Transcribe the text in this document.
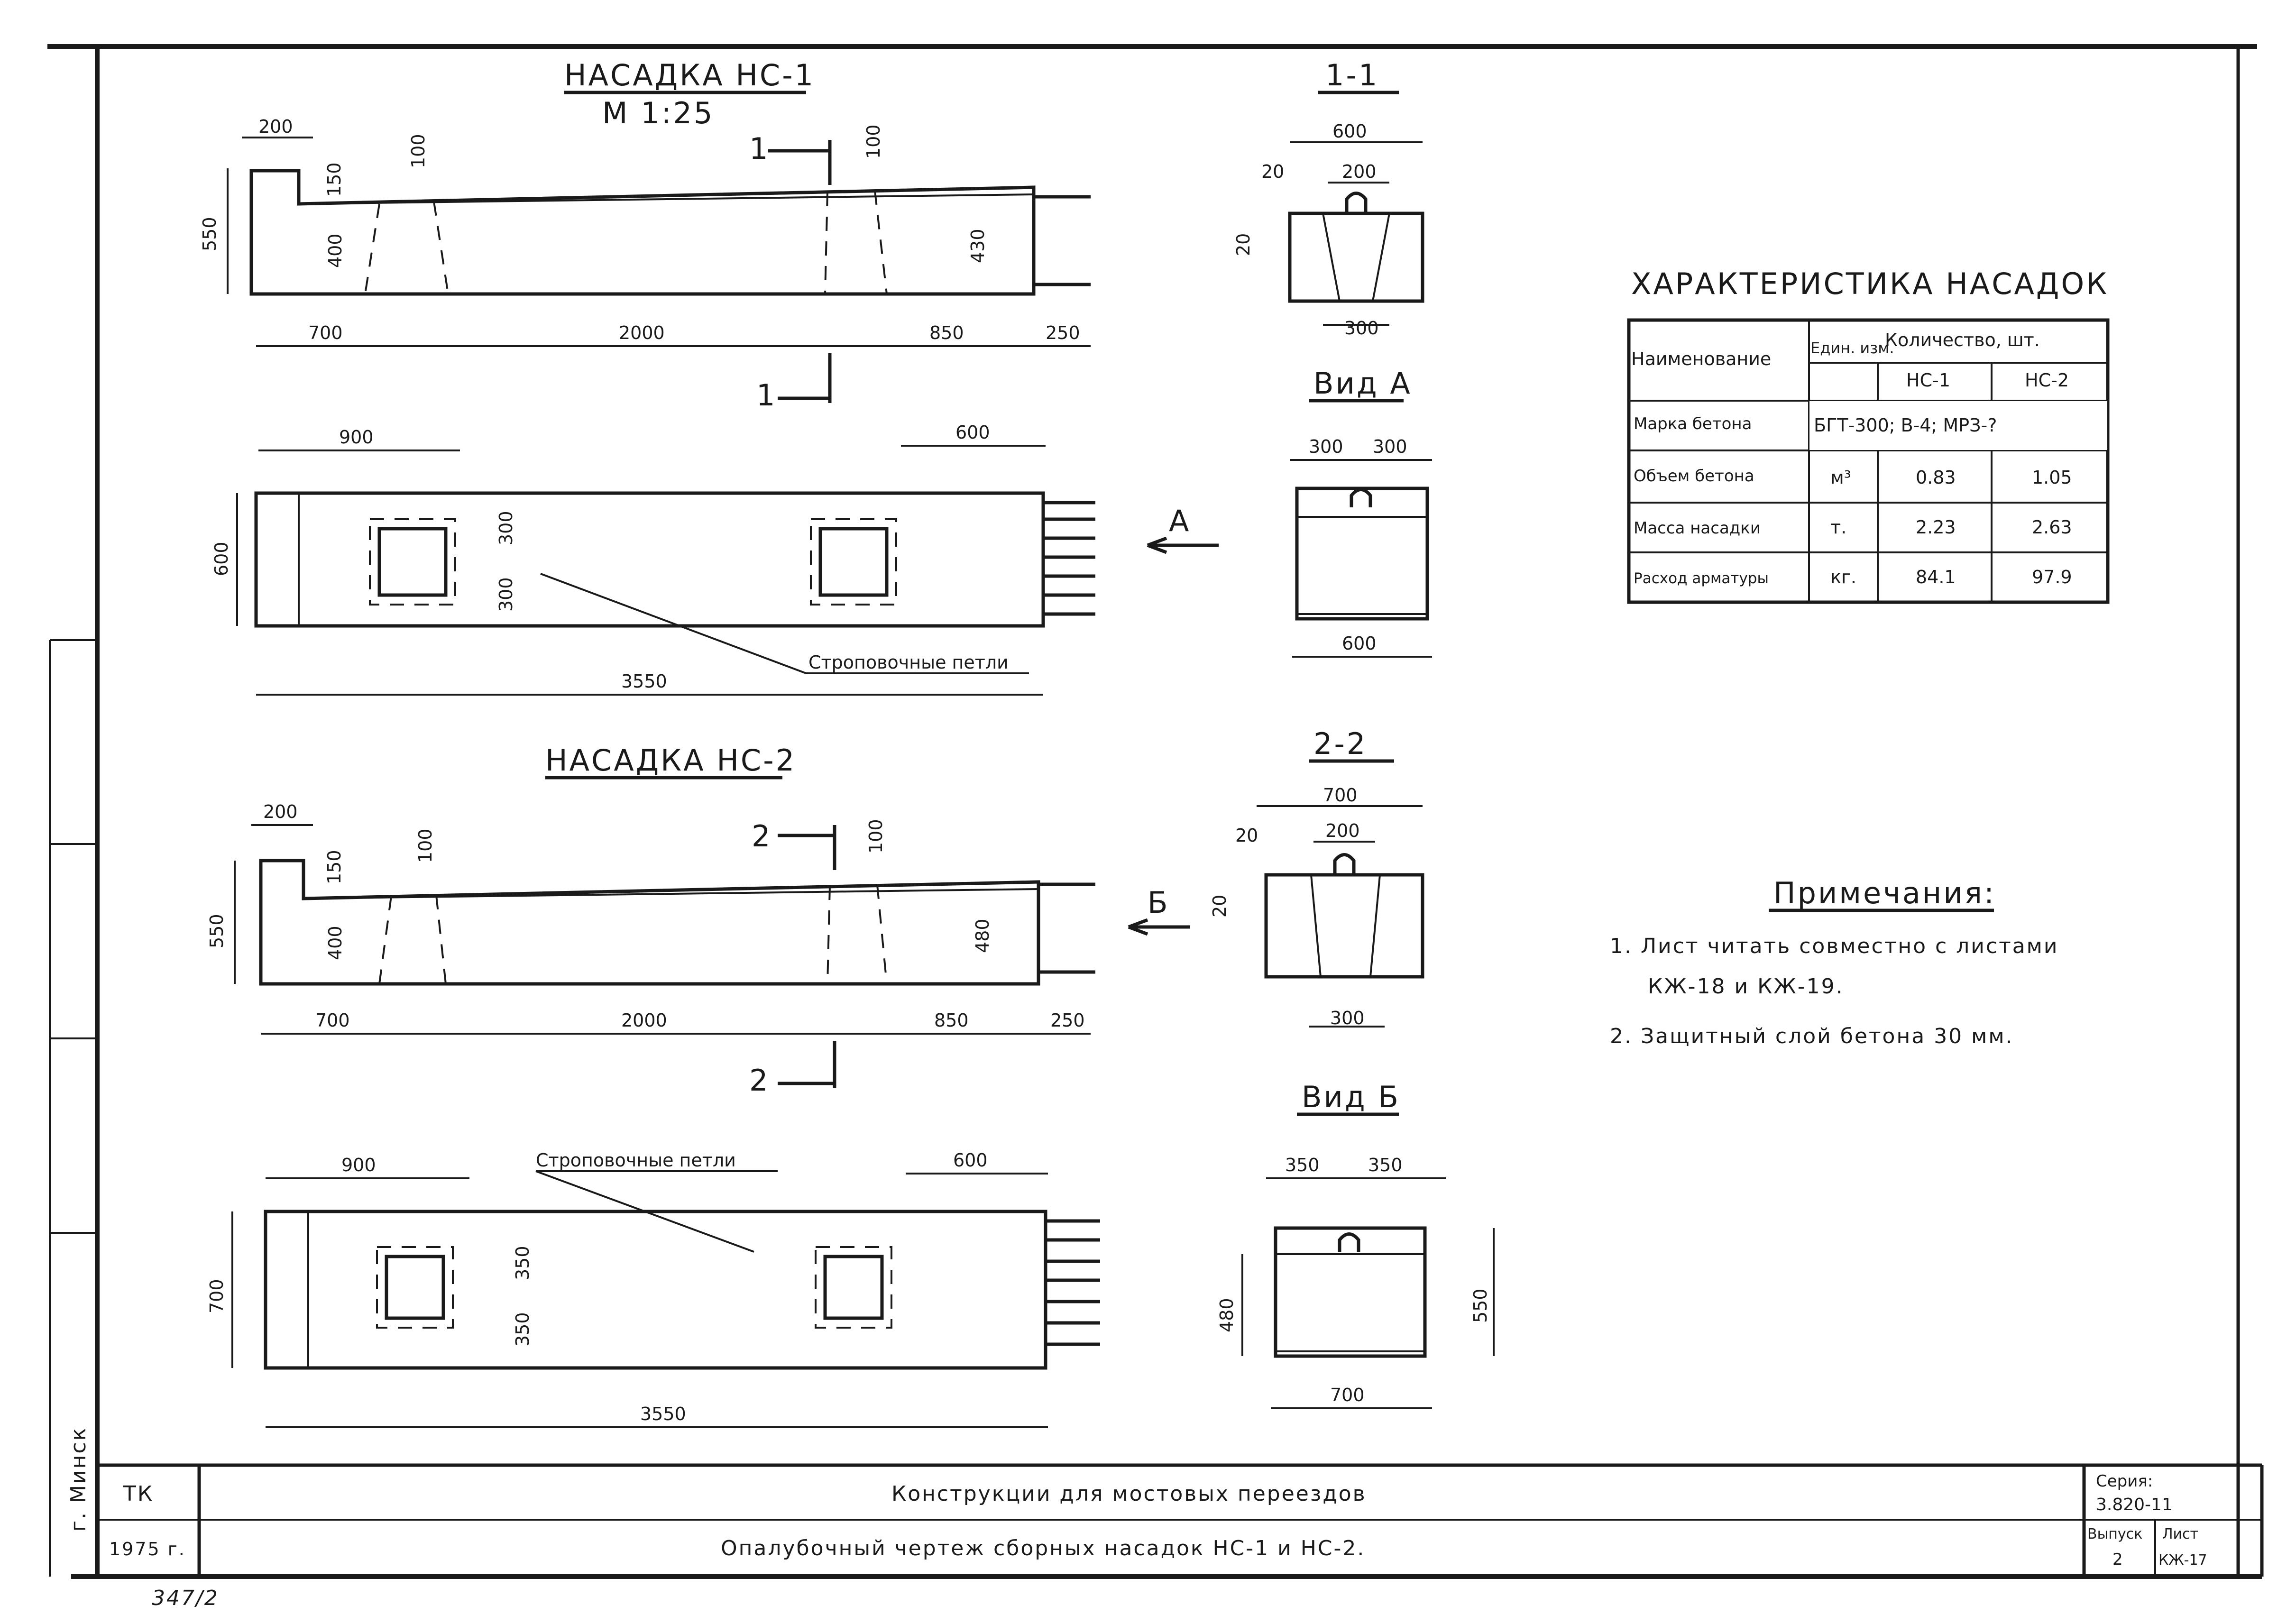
г. Минск
НАСАДКА НС-1
М 1:25
200
100	100
150
550	400	430
700	2000	850	250
1
1
900	600
600
300
300
3550
Строповочные петли
А
НАСАДКА НС-2
200
100	100
150
550	400	480
700	2000	850	250
2
2
900	600
Строповочные петли
700
350
350
3550
Б
1-1
600
200
20
20
300
Вид А
300 300
600
2-2
700
200
20
20
300
Вид Б
350	350
480	550
700
ХАРАКТЕРИСТИКА НАСАДОК
Наименование
Един. изм.
Количество, шт.
НС-1	НС-2
Марка бетона	БГТ-300; В-4; МРЗ-?
Объем бетона	м³	0.83	1.05
Масса насадки	т.	2.23	2.63
Расход арматуры	кг.	84.1	97.9
Примечания:
1. Лист читать совместно с листами
КЖ-18 и КЖ-19.
2. Защитный слой бетона 30 мм.
ТК
1975 г.
Конструкции для мостовых переездов
Опалубочный чертеж сборных насадок НС-1 и НС-2.
Серия:
3.820-11
Выпуск
2
Лист
КЖ-17
347/2
